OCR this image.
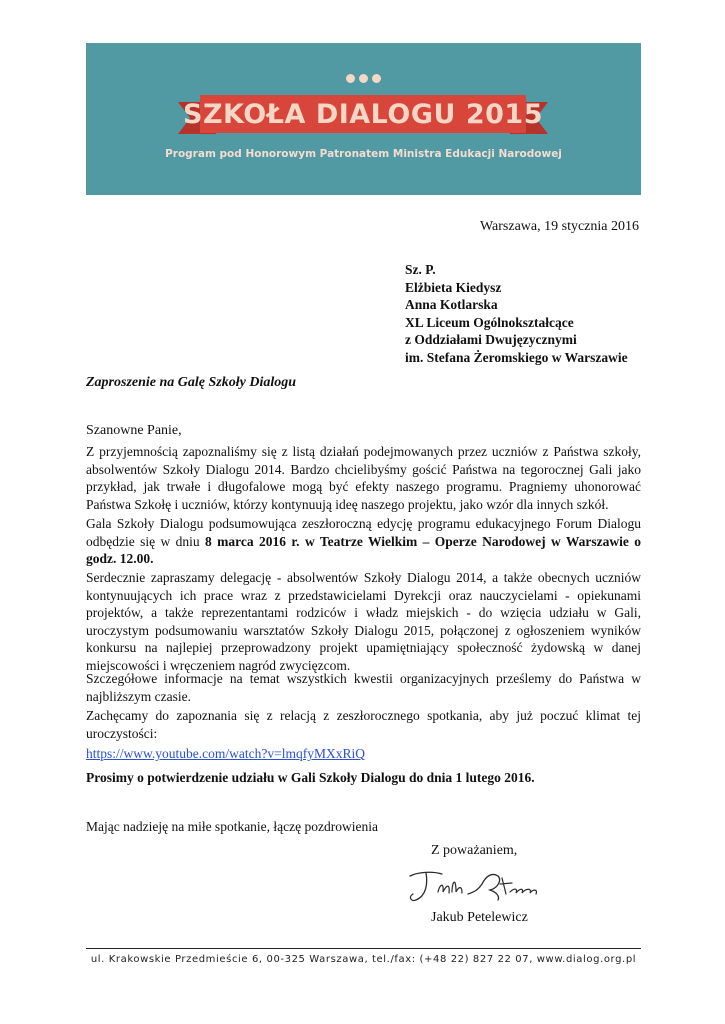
SZKOŁA DIALOGU 2015
Program pod Honorowym Patronatem Ministra Edukacji Narodowej
Warszawa, 19 stycznia 2016
Sz. P.
Elżbieta Kiedysz
Anna Kotlarska
XL Liceum Ogólnokształcące
z Oddziałami Dwujęzycznymi
im. Stefana Żeromskiego w Warszawie
Zaproszenie na Galę Szkoły Dialogu
Szanowne Panie,
Z przyjemnością zapoznaliśmy się z listą działań podejmowanych przez uczniów z Państwa szkoły, absolwentów Szkoły Dialogu 2014. Bardzo chcielibyśmy gościć Państwa na tegorocznej Gali jako przykład, jak trwałe i długofalowe mogą być efekty naszego programu. Pragniemy uhonorować Państwa Szkołę i uczniów, którzy kontynuują ideę naszego projektu, jako wzór dla innych szkół.
Gala Szkoły Dialogu podsumowująca zeszłoroczną edycję programu edukacyjnego Forum Dialogu odbędzie się w dniu 8 marca 2016 r. w Teatrze Wielkim – Operze Narodowej w Warszawie o godz. 12.00.
Serdecznie zapraszamy delegację - absolwentów Szkoły Dialogu 2014, a także obecnych uczniów kontynuujących ich prace wraz z przedstawicielami Dyrekcji oraz nauczycielami - opiekunami projektów, a także reprezentantami rodziców i władz miejskich - do wzięcia udziału w Gali, uroczystym podsumowaniu warsztatów Szkoły Dialogu 2015, połączonej z ogłoszeniem wyników konkursu na najlepiej przeprowadzony projekt upamiętniający społeczność żydowską w danej miejscowości i wręczeniem nagród zwycięzcom.
Szczegółowe informacje na temat wszystkich kwestii organizacyjnych prześlemy do Państwa w najbliższym czasie.
Zachęcamy do zapoznania się z relacją z zeszłorocznego spotkania, aby już poczuć klimat tej uroczystości:
https://www.youtube.com/watch?v=lmqfyMXxRiQ
Prosimy o potwierdzenie udziału w Gali Szkoły Dialogu do dnia 1 lutego 2016.
Mając nadzieję na miłe spotkanie, łączę pozdrowienia
Z poważaniem,
Jakub Petelewicz
ul. Krakowskie Przedmieście 6, 00-325 Warszawa, tel./fax: (+48 22) 827 22 07, www.dialog.org.pl
